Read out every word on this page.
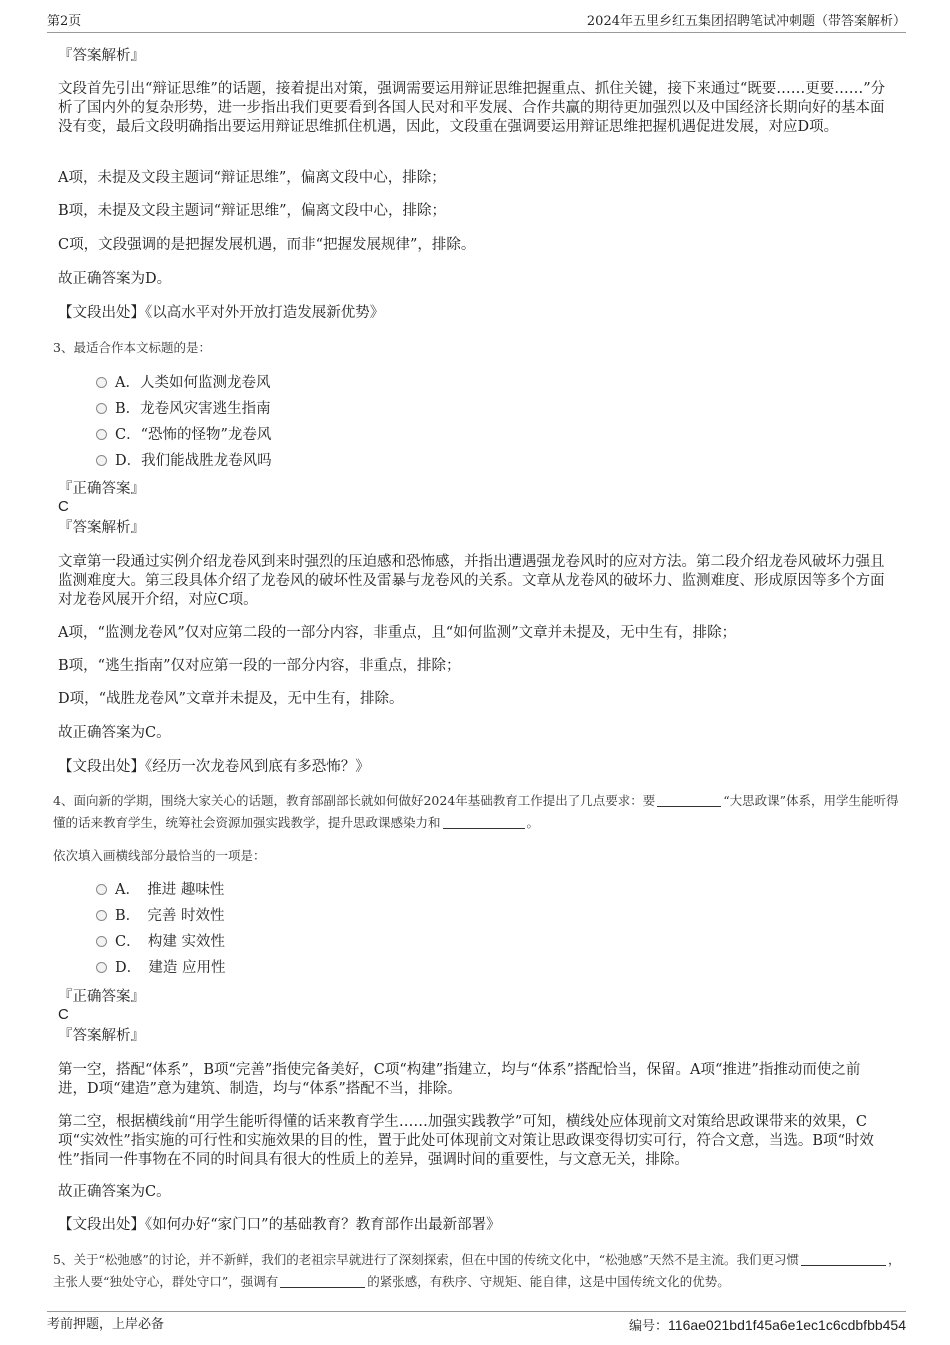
第2页	2024年五里乡红五集团招聘笔试冲刺题（带答案解析）
『答案解析』
文段首先引出“辩证思维”的话题，接着提出对策，强调需要运用辩证思维把握重点、抓住关键，接下来通过“既要……更要……”分析了国内外的复杂形势，进一步指出我们更要看到各国人民对和平发展、合作共赢的期待更加强烈以及中国经济长期向好的基本面没有变，最后文段明确指出要运用辩证思维抓住机遇，因此，文段重在强调要运用辩证思维把握机遇促进发展，对应D项。
A项，未提及文段主题词“辩证思维”，偏离文段中心，排除；
B项，未提及文段主题词“辩证思维”，偏离文段中心，排除；
C项，文段强调的是把握发展机遇，而非“把握发展规律”，排除。
故正确答案为D。
【文段出处】《以高水平对外开放打造发展新优势》
3、最适合作本文标题的是：
A．人类如何监测龙卷风
B．龙卷风灾害逃生指南
C．“恐怖的怪物”龙卷风
D．我们能战胜龙卷风吗
『正确答案』
C
『答案解析』
文章第一段通过实例介绍龙卷风到来时强烈的压迫感和恐怖感，并指出遭遇强龙卷风时的应对方法。第二段介绍龙卷风破坏力强且监测难度大。第三段具体介绍了龙卷风的破坏性及雷暴与龙卷风的关系。文章从龙卷风的破坏力、监测难度、形成原因等多个方面对龙卷风展开介绍，对应C项。
A项，“监测龙卷风”仅对应第二段的一部分内容，非重点，且“如何监测”文章并未提及，无中生有，排除；
B项，“逃生指南”仅对应第一段的一部分内容，非重点，排除；
D项，“战胜龙卷风”文章并未提及，无中生有，排除。
故正确答案为C。
【文段出处】《经历一次龙卷风到底有多恐怖？》
4、面向新的学期，围绕大家关心的话题，教育部副部长就如何做好2024年基础教育工作提出了几点要求：要	“大思政课”体系，用学生能听得懂的话来教育学生，统筹社会资源加强实践教学，提升思政课感染力和	。
依次填入画横线部分最恰当的一项是：
A．　推进 趣味性
B．　完善 时效性
C．　构建 实效性
D．　建造 应用性
『正确答案』
C
『答案解析』
第一空，搭配“体系”，B项“完善”指使完备美好，C项“构建”指建立，均与“体系”搭配恰当，保留。A项“推进”指推动而使之前进，D项“建造”意为建筑、制造，均与“体系”搭配不当，排除。
第二空，根据横线前“用学生能听得懂的话来教育学生……加强实践教学”可知，横线处应体现前文对策给思政课带来的效果，C项“实效性”指实施的可行性和实施效果的目的性，置于此处可体现前文对策让思政课变得切实可行，符合文意，当选。B项“时效性”指同一件事物在不同的时间具有很大的性质上的差异，强调时间的重要性，与文意无关，排除。
故正确答案为C。
【文段出处】《如何办好“家门口”的基础教育？教育部作出最新部署》
5、关于“松弛感”的讨论，并不新鲜，我们的老祖宗早就进行了深刻探索，但在中国的传统文化中，“松弛感”天然不是主流。我们更习惯	，主张人要“独处守心，群处守口”，强调有	的紧张感，有秩序、守规矩、能自律，这是中国传统文化的优势。
考前押题，上岸必备	编号：116ae021bd1f45a6e1ec1c6cdbfbb454
